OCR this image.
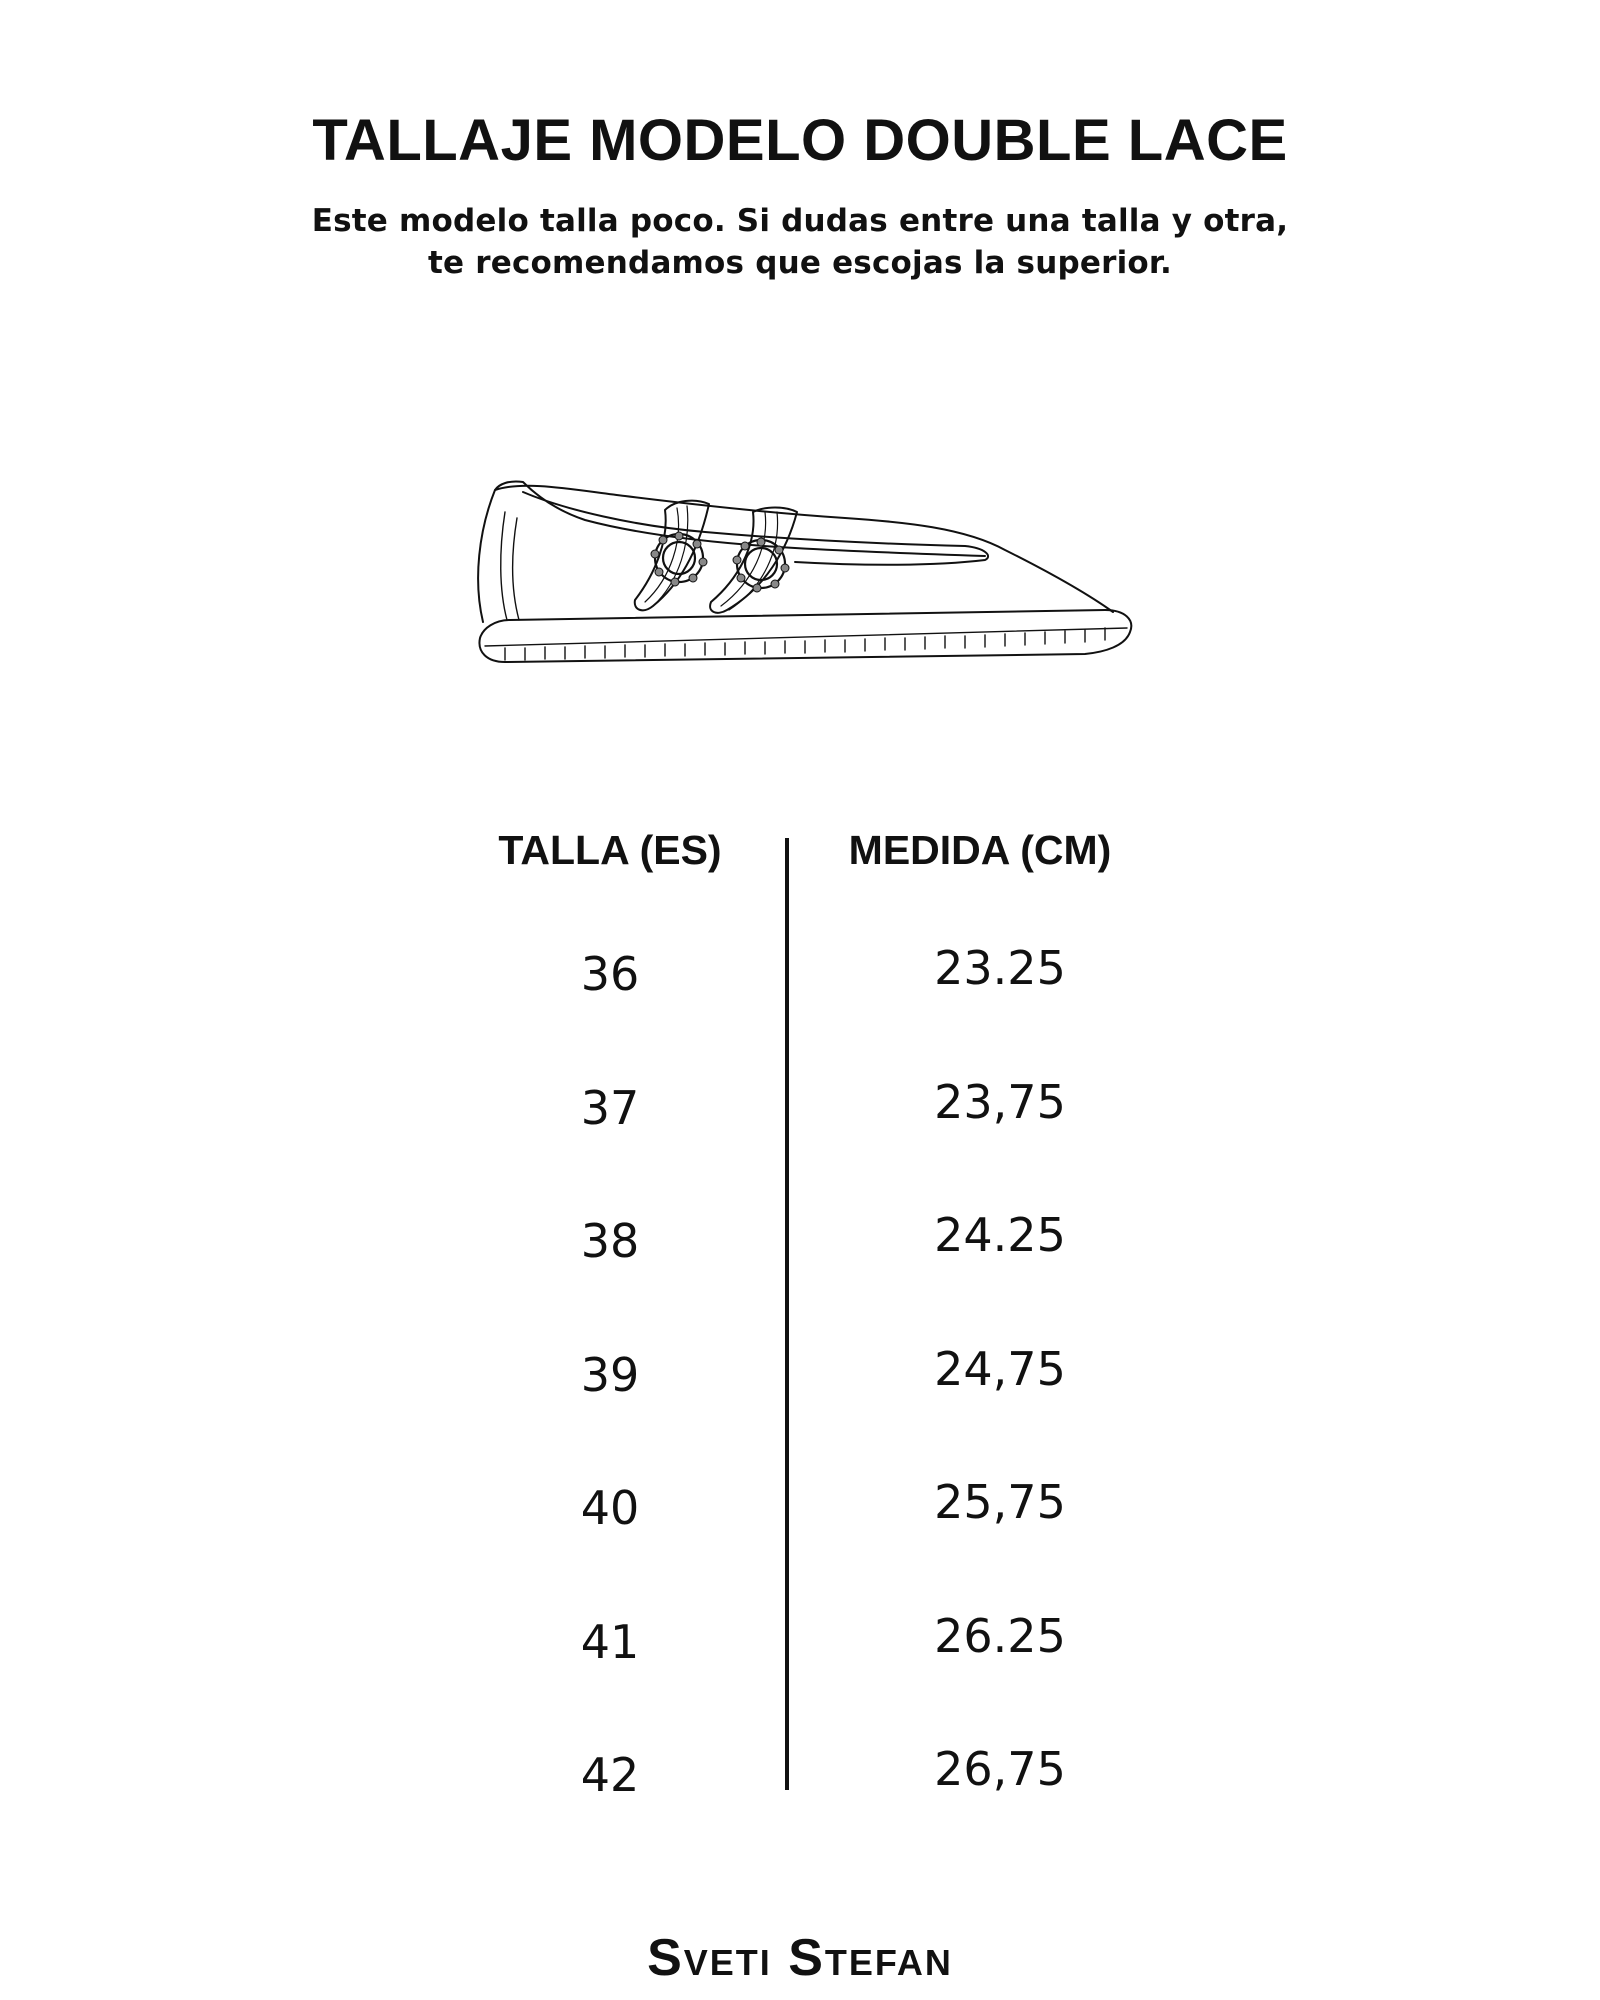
TALLAJE MODELO DOUBLE LACE
Este modelo talla poco. Si dudas entre una talla y otra,
te recomendamos que escojas la superior.
TALLA (ES)	MEDIDA (CM)
36	23.25
37	23,75
38	24.25
39	24,75
40	25,75
41	26.25
42	26,75
Sveti Stefan
